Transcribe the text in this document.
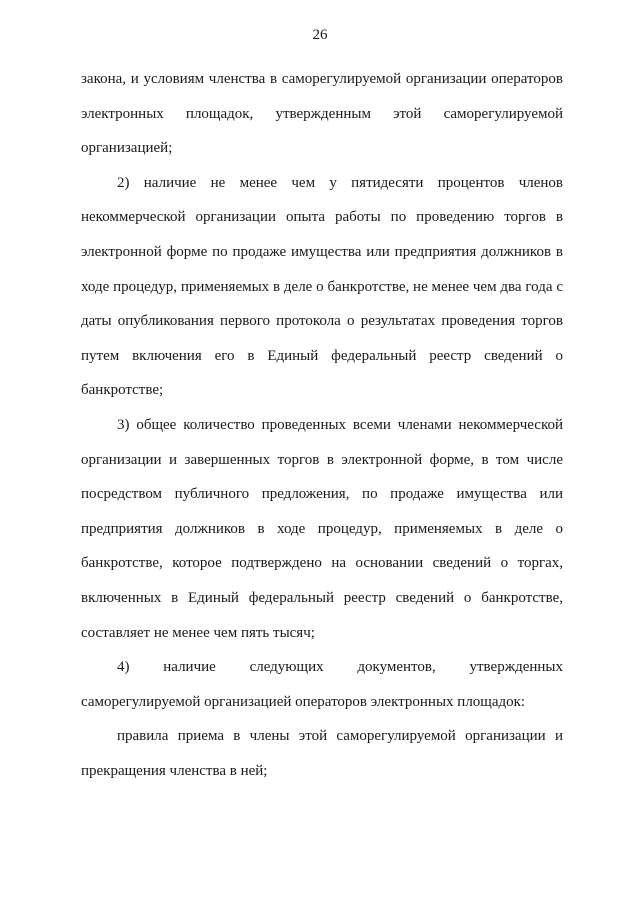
26
закона, и условиям членства в саморегулируемой организации операторов
электронных площадок, утвержденным этой саморегулируемой
организацией;
2) наличие не менее чем у пятидесяти процентов членов
некоммерческой организации опыта работы по проведению торгов в
электронной форме по продаже имущества или предприятия должников в
ходе процедур, применяемых в деле о банкротстве, не менее чем два года с
даты опубликования первого протокола о результатах проведения торгов
путем включения его в Единый федеральный реестр сведений о
банкротстве;
3) общее количество проведенных всеми членами некоммерческой
организации и завершенных торгов в электронной форме, в том числе
посредством публичного предложения, по продаже имущества или
предприятия должников в ходе процедур, применяемых в деле о
банкротстве, которое подтверждено на основании сведений о торгах,
включенных в Единый федеральный реестр сведений о банкротстве,
составляет не менее чем пять тысяч;
4) наличие следующих документов, утвержденных
саморегулируемой организацией операторов электронных площадок:
правила приема в члены этой саморегулируемой организации и
прекращения членства в ней;
